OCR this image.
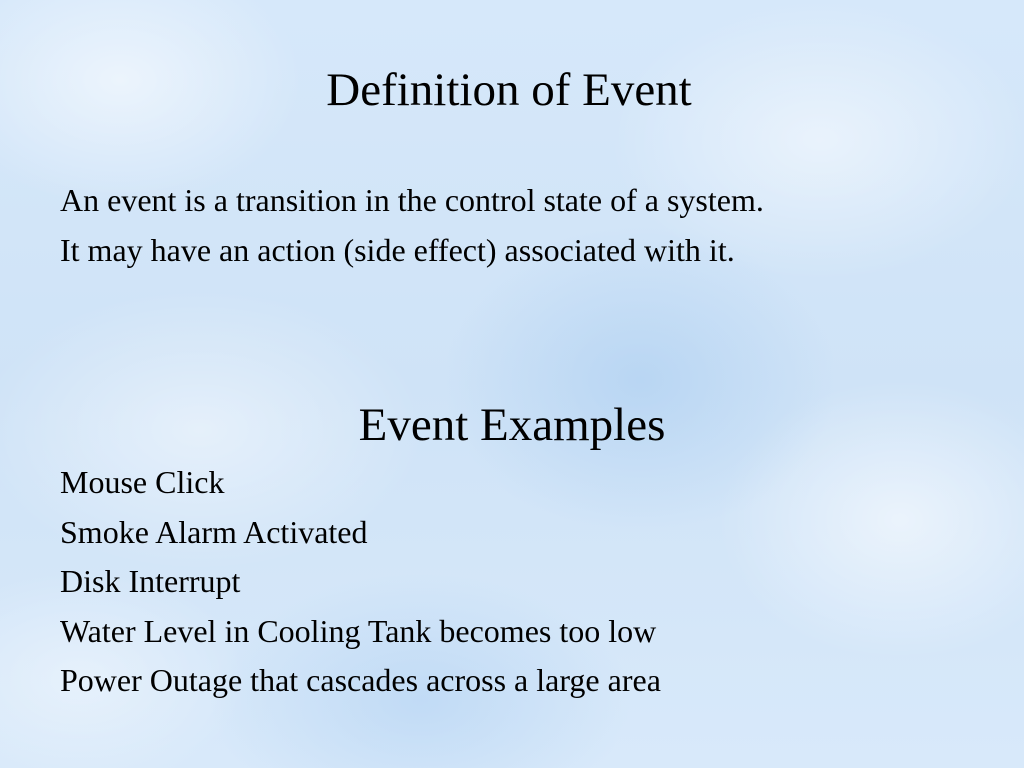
Definition of Event
An event is a transition in the control state of a system.
It may have an action (side effect) associated with it.
Event Examples
Mouse Click
Smoke Alarm Activated
Disk Interrupt
Water Level in Cooling Tank becomes too low
Power Outage that cascades across a large area
